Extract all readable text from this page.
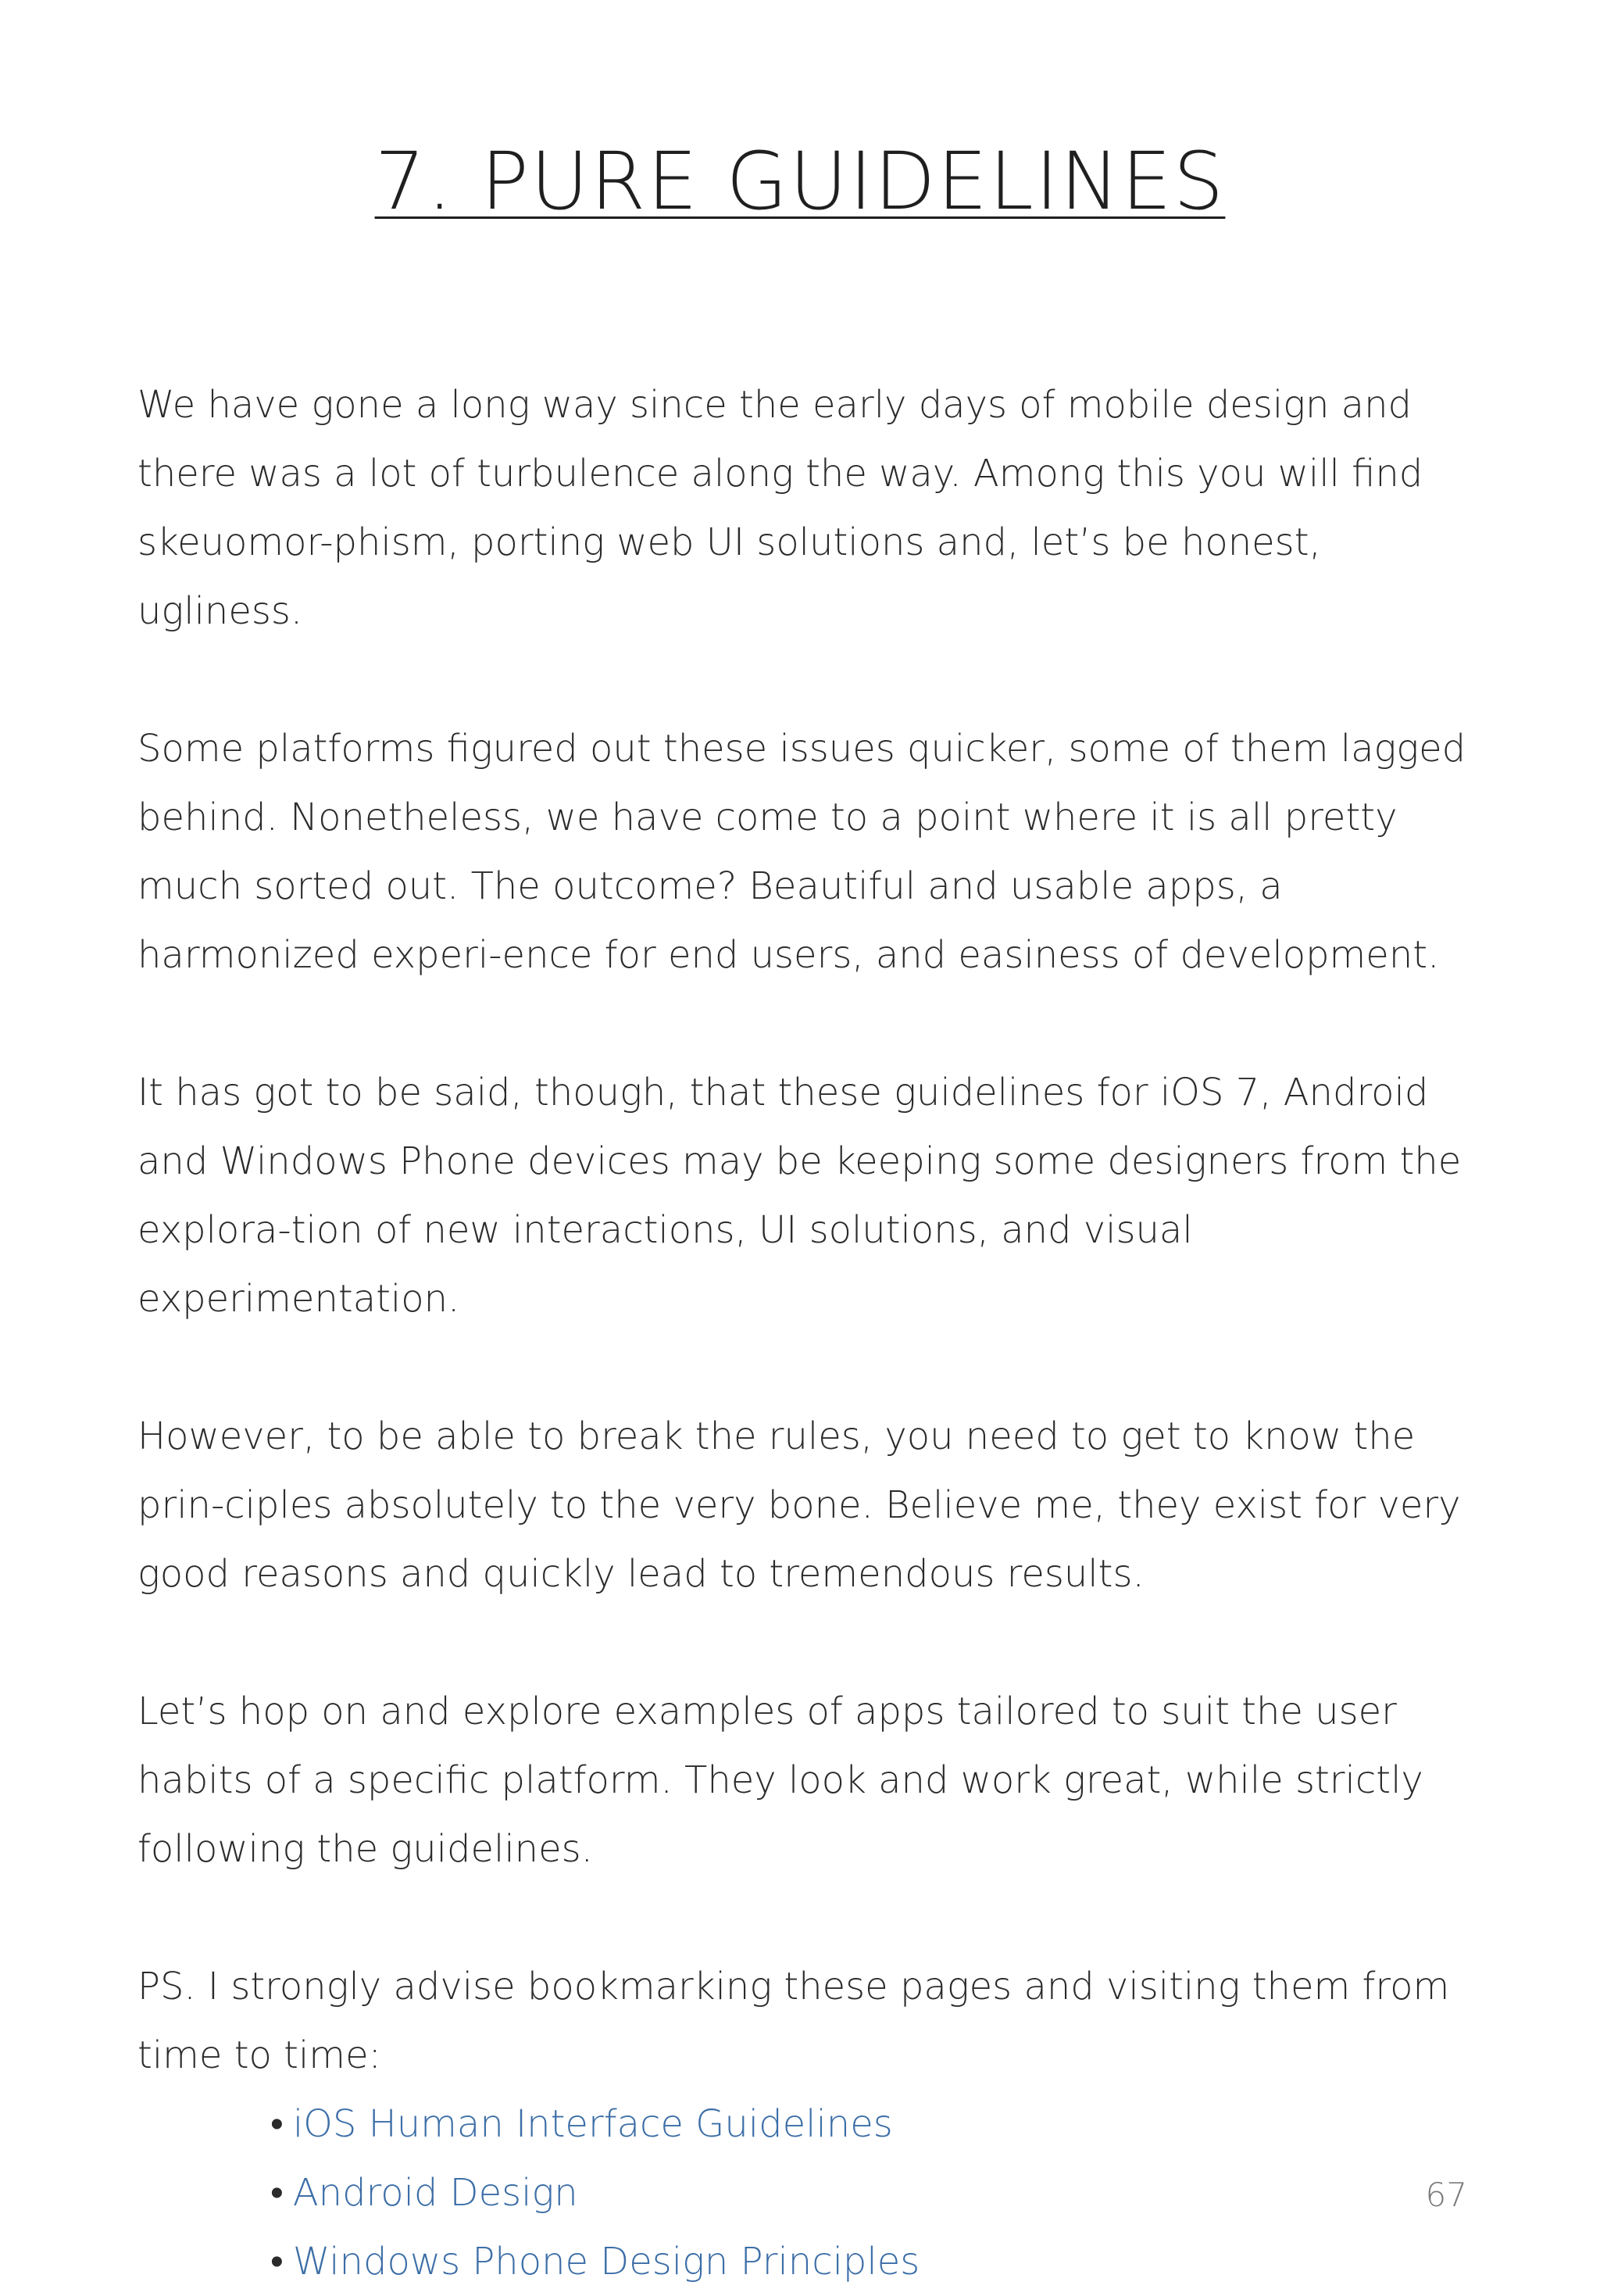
7. PURE GUIDELINES

We have gone a long way since the early days of mobile design and there was a lot of turbulence along the way. Among this you will find skeuomor-phism, porting web UI solutions and, let’s be honest, ugliness.

Some platforms figured out these issues quicker, some of them lagged behind. Nonetheless, we have come to a point where it is all pretty much sorted out. The outcome? Beautiful and usable apps, a harmonized experi-ence for end users, and easiness of development.

It has got to be said, though, that these guidelines for iOS 7, Android and Windows Phone devices may be keeping some designers from the explora-tion of new interactions, UI solutions, and visual experimentation.

However, to be able to break the rules, you need to get to know the prin-ciples absolutely to the very bone. Believe me, they exist for very good reasons and quickly lead to tremendous results.

Let’s hop on and explore examples of apps tailored to suit the user habits of a specific platform. They look and work great, while strictly following the guidelines.

PS. I strongly advise bookmarking these pages and visiting them from time to time:

• iOS Human Interface Guidelines
• Android Design
• Windows Phone Design Principles
67
